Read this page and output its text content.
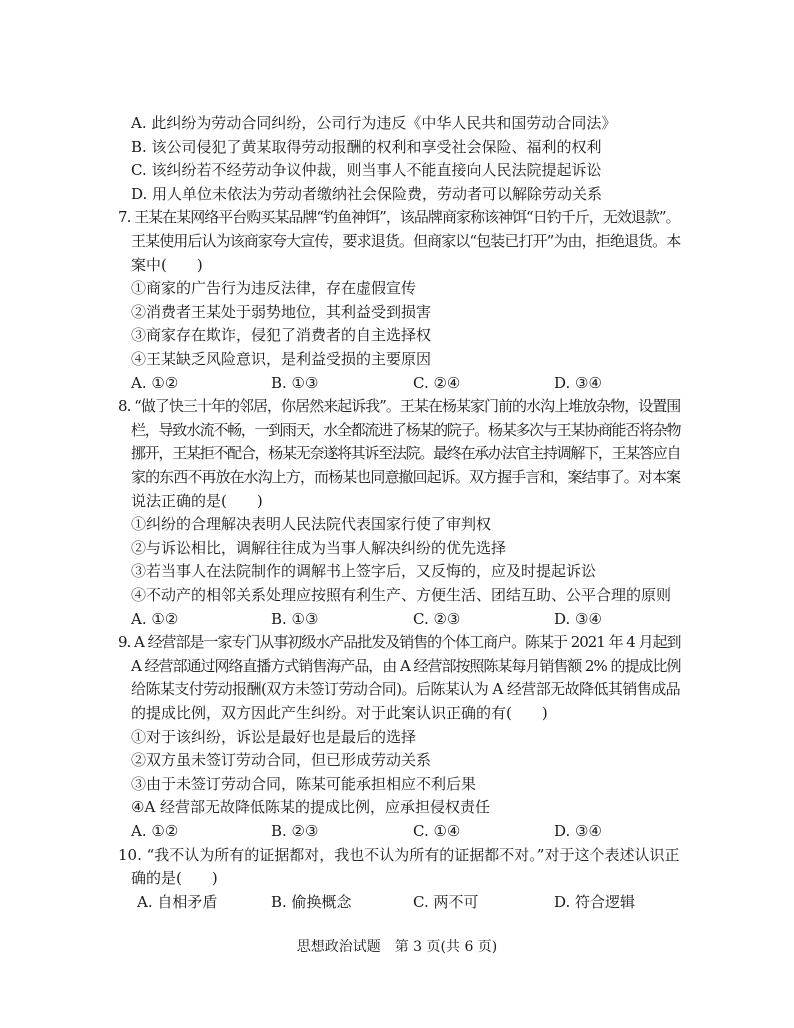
A. 此纠纷为劳动合同纠纷，公司行为违反《中华人民共和国劳动合同法》
B. 该公司侵犯了黄某取得劳动报酬的权利和享受社会保险、福利的权利
C. 该纠纷若不经劳动争议仲裁，则当事人不能直接向人民法院提起诉讼
D. 用人单位未依法为劳动者缴纳社会保险费，劳动者可以解除劳动关系
7. 王某在某网络平台购买某品牌“钓鱼神饵”，该品牌商家称该神饵“日钓千斤，无效退款”。
王某使用后认为该商家夸大宣传，要求退货。但商家以“包装已打开”为由，拒绝退货。本
案中(　　)
①商家的广告行为违反法律，存在虚假宣传
②消费者王某处于弱势地位，其利益受到损害
③商家存在欺诈，侵犯了消费者的自主选择权
④王某缺乏风险意识，是利益受损的主要原因
A. ①②	B. ①③	C. ②④	D. ③④
8. “做了快三十年的邻居，你居然来起诉我”。王某在杨某家门前的水沟上堆放杂物，设置围
栏，导致水流不畅，一到雨天，水全都流进了杨某的院子。杨某多次与王某协商能否将杂物
挪开，王某拒不配合，杨某无奈遂将其诉至法院。最终在承办法官主持调解下，王某答应自
家的东西不再放在水沟上方，而杨某也同意撤回起诉。双方握手言和，案结事了。对本案
说法正确的是(　　)
①纠纷的合理解决表明人民法院代表国家行使了审判权
②与诉讼相比，调解往往成为当事人解决纠纷的优先选择
③若当事人在法院制作的调解书上签字后，又反悔的，应及时提起诉讼
④不动产的相邻关系处理应按照有利生产、方便生活、团结互助、公平合理的原则
A. ①②	B. ①③	C. ②③	D. ③④
9. A 经营部是一家专门从事初级水产品批发及销售的个体工商户。陈某于 2021 年 4 月起到
A 经营部通过网络直播方式销售海产品，由 A 经营部按照陈某每月销售额 2% 的提成比例
给陈某支付劳动报酬(双方未签订劳动合同)。后陈某认为 A 经营部无故降低其销售成品
的提成比例，双方因此产生纠纷。对于此案认识正确的有(　　)
①对于该纠纷，诉讼是最好也是最后的选择
②双方虽未签订劳动合同，但已形成劳动关系
③由于未签订劳动合同，陈某可能承担相应不利后果
④A 经营部无故降低陈某的提成比例，应承担侵权责任
A. ①②	B. ②③	C. ①④	D. ③④
10. “我不认为所有的证据都对，我也不认为所有的证据都不对。”对于这个表述认识正
确的是(　　)
A. 自相矛盾	B. 偷换概念	C. 两不可	D. 符合逻辑
思想政治试题　第 3 页(共 6 页)
